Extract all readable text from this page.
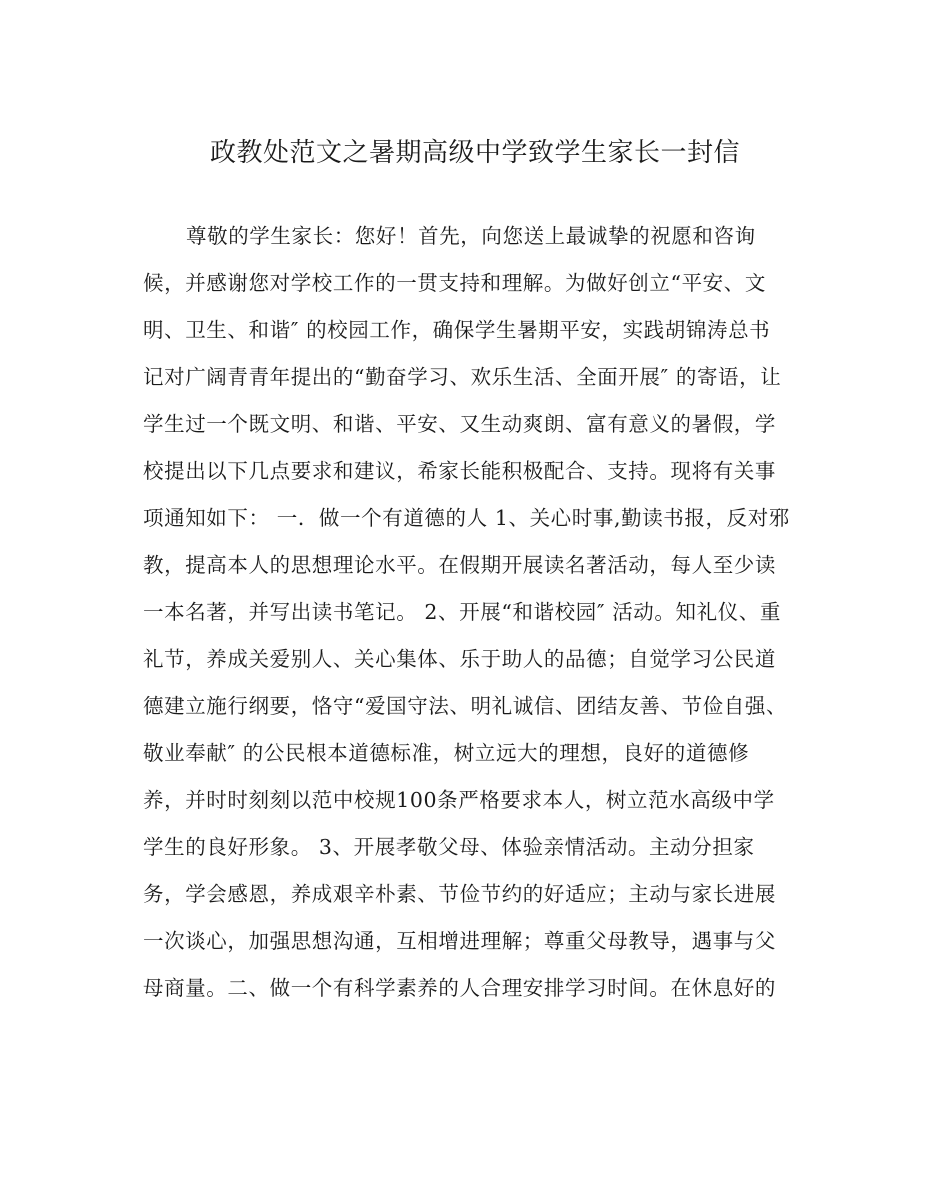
政教处范文之暑期高级中学致学生家长一封信
尊敬的学生家长：您好！首先，向您送上最诚挚的祝愿和咨询
候，并感谢您对学校工作的一贯支持和理解。为做好创立“平安、文
明、卫生、和谐″ 的校园工作，确保学生暑期平安，实践胡锦涛总书
记对广阔青青年提出的“勤奋学习、欢乐生活、全面开展″ 的寄语，让
学生过一个既文明、和谐、平安、又生动爽朗、富有意义的暑假，学
校提出以下几点要求和建议，希家长能积极配合、支持。现将有关事
项通知如下： 一．做一个有道德的人 1、关心时事,勤读书报，反对邪
教，提高本人的思想理论水平。在假期开展读名著活动，每人至少读
一本名著，并写出读书笔记。 2、开展“和谐校园″ 活动。知礼仪、重
礼节，养成关爱别人、关心集体、乐于助人的品德；自觉学习公民道
德建立施行纲要，恪守“爱国守法、明礼诚信、团结友善、节俭自强、
敬业奉献″ 的公民根本道德标准，树立远大的理想，良好的道德修
养，并时时刻刻以范中校规100条严格要求本人，树立范水高级中学
学生的良好形象。 3、开展孝敬父母、体验亲情活动。主动分担家
务，学会感恩，养成艰辛朴素、节俭节约的好适应；主动与家长进展
一次谈心，加强思想沟通，互相增进理解；尊重父母教导，遇事与父
母商量。二、做一个有科学素养的人合理安排学习时间。在休息好的
